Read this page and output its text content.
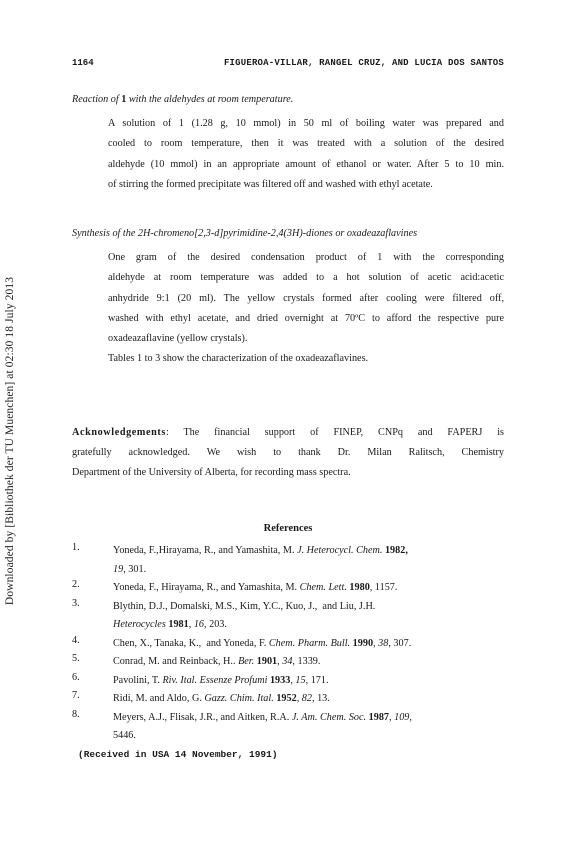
Downloaded by [Bibliothek der TU Muenchen] at 02:30 18 July 2013
1164	FIGUEROA-VILLAR, RANGEL CRUZ, AND LUCIA DOS SANTOS
Reaction of 1 with the aldehydes at room temperature.

A solution of 1 (1.28 g, 10 mmol) in 50 ml of boiling water was prepared and
cooled to room temperature, then it was treated with a solution of the desired
aldehyde (10 mmol) in an appropriate amount of ethanol or water. After 5 to 10 min.
of stirring the formed precipitate was filtered off and washed with ethyl acetate.

Synthesis of the 2H-chromeno[2,3-d]pyrimidine-2,4(3H)-diones or oxadeazaflavines

One gram of the desired condensation product of 1 with the corresponding
aldehyde at room temperature was added to a hot solution of acetic acid:acetic
anhydride 9:1 (20 ml). The yellow crystals formed after cooling were filtered off,
washed with ethyl acetate, and dried overnight at 70ºC to afford the respective pure
oxadeazaflavine (yellow crystals).

Tables 1 to 3 show the characterization of the oxadeazaflavines.

Acknowledgements: The financial support of FINEP, CNPq and FAPERJ is
gratefully acknowledged. We wish to thank Dr. Milan Ralitsch, Chemistry
Department of the University of Alberta, for recording mass spectra.

References
1.	Yoneda, F.,Hirayama, R., and Yamashita, M. J. Heterocycl. Chem. 1982,
19, 301.
2.	Yoneda, F., Hirayama, R., and Yamashita, M. Chem. Lett. 1980, 1157.
3.	Blythin, D.J., Domalski, M.S., Kim, Y.C., Kuo, J.,  and Liu, J.H.
Heterocycles 1981, 16, 203.
4.	Chen, X., Tanaka, K.,  and Yoneda, F. Chem. Pharm. Bull. 1990, 38, 307.
5.	Conrad, M. and Reinback, H.. Ber. 1901, 34, 1339.
6.	Pavolini, T. Riv. Ital. Essenze Profumi 1933, 15, 171.
7.	Ridi, M. and Aldo, G. Gazz. Chim. Ital. 1952, 82, 13.
8.	Meyers, A.J., Flisak, J.R., and Aitken, R.A. J. Am. Chem. Soc. 1987, 109,
5446.
(Received in USA 14 November, 1991)
